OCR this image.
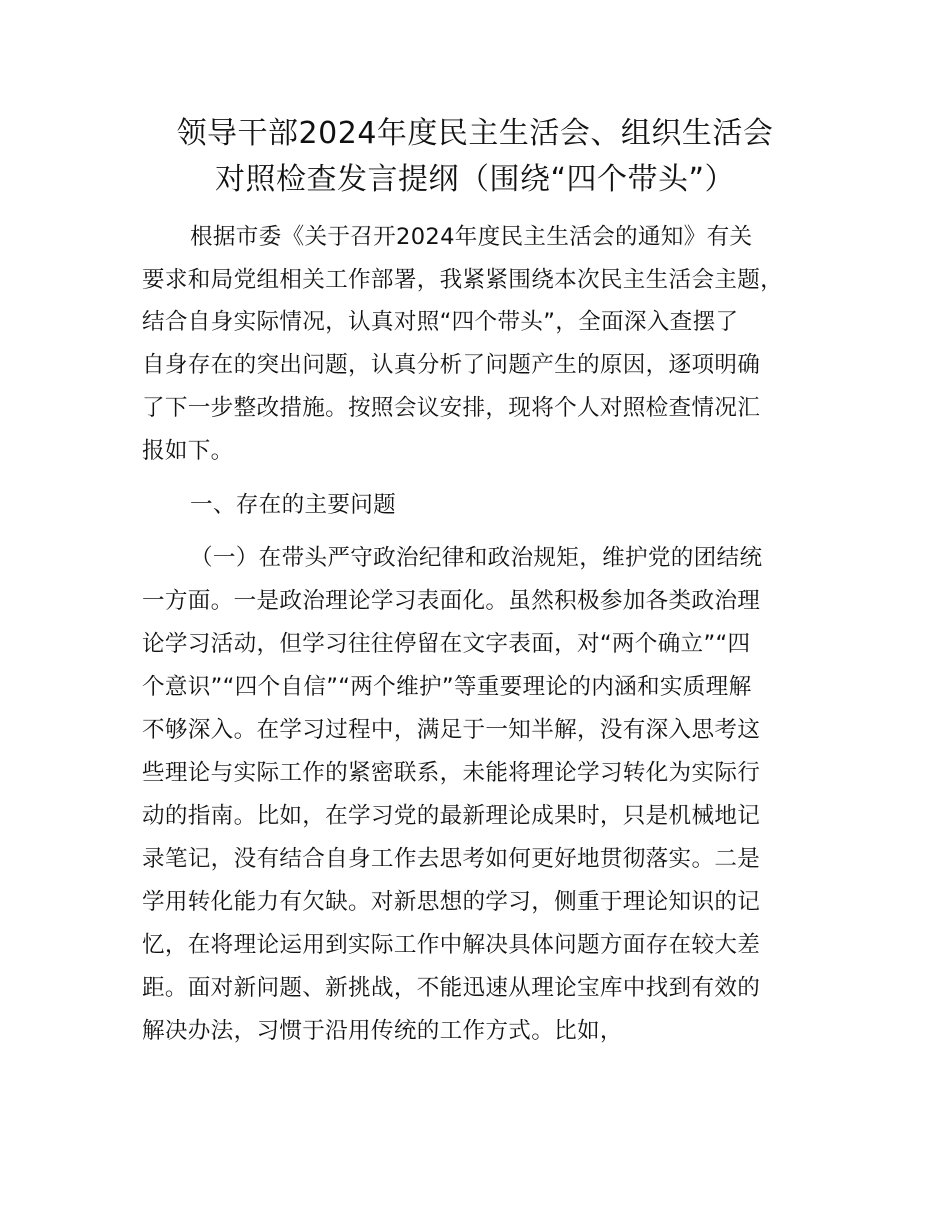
领导干部2024年度民主生活会、组织生活会
对照检查发言提纲（围绕“四个带头”）
根据市委《关于召开2024年度民主生活会的通知》有关
要求和局党组相关工作部署，我紧紧围绕本次民主生活会主题，
结合自身实际情况，认真对照“四个带头”，全面深入查摆了
自身存在的突出问题，认真分析了问题产生的原因，逐项明确
了下一步整改措施。按照会议安排，现将个人对照检查情况汇
报如下。
一、存在的主要问题
（一）在带头严守政治纪律和政治规矩，维护党的团结统
一方面。一是政治理论学习表面化。虽然积极参加各类政治理
论学习活动，但学习往往停留在文字表面，对“两个确立”“四
个意识”“四个自信”“两个维护”等重要理论的内涵和实质理解
不够深入。在学习过程中，满足于一知半解，没有深入思考这
些理论与实际工作的紧密联系，未能将理论学习转化为实际行
动的指南。比如，在学习党的最新理论成果时，只是机械地记
录笔记，没有结合自身工作去思考如何更好地贯彻落实。二是
学用转化能力有欠缺。对新思想的学习，侧重于理论知识的记
忆，在将理论运用到实际工作中解决具体问题方面存在较大差
距。面对新问题、新挑战，不能迅速从理论宝库中找到有效的
解决办法，习惯于沿用传统的工作方式。比如，
